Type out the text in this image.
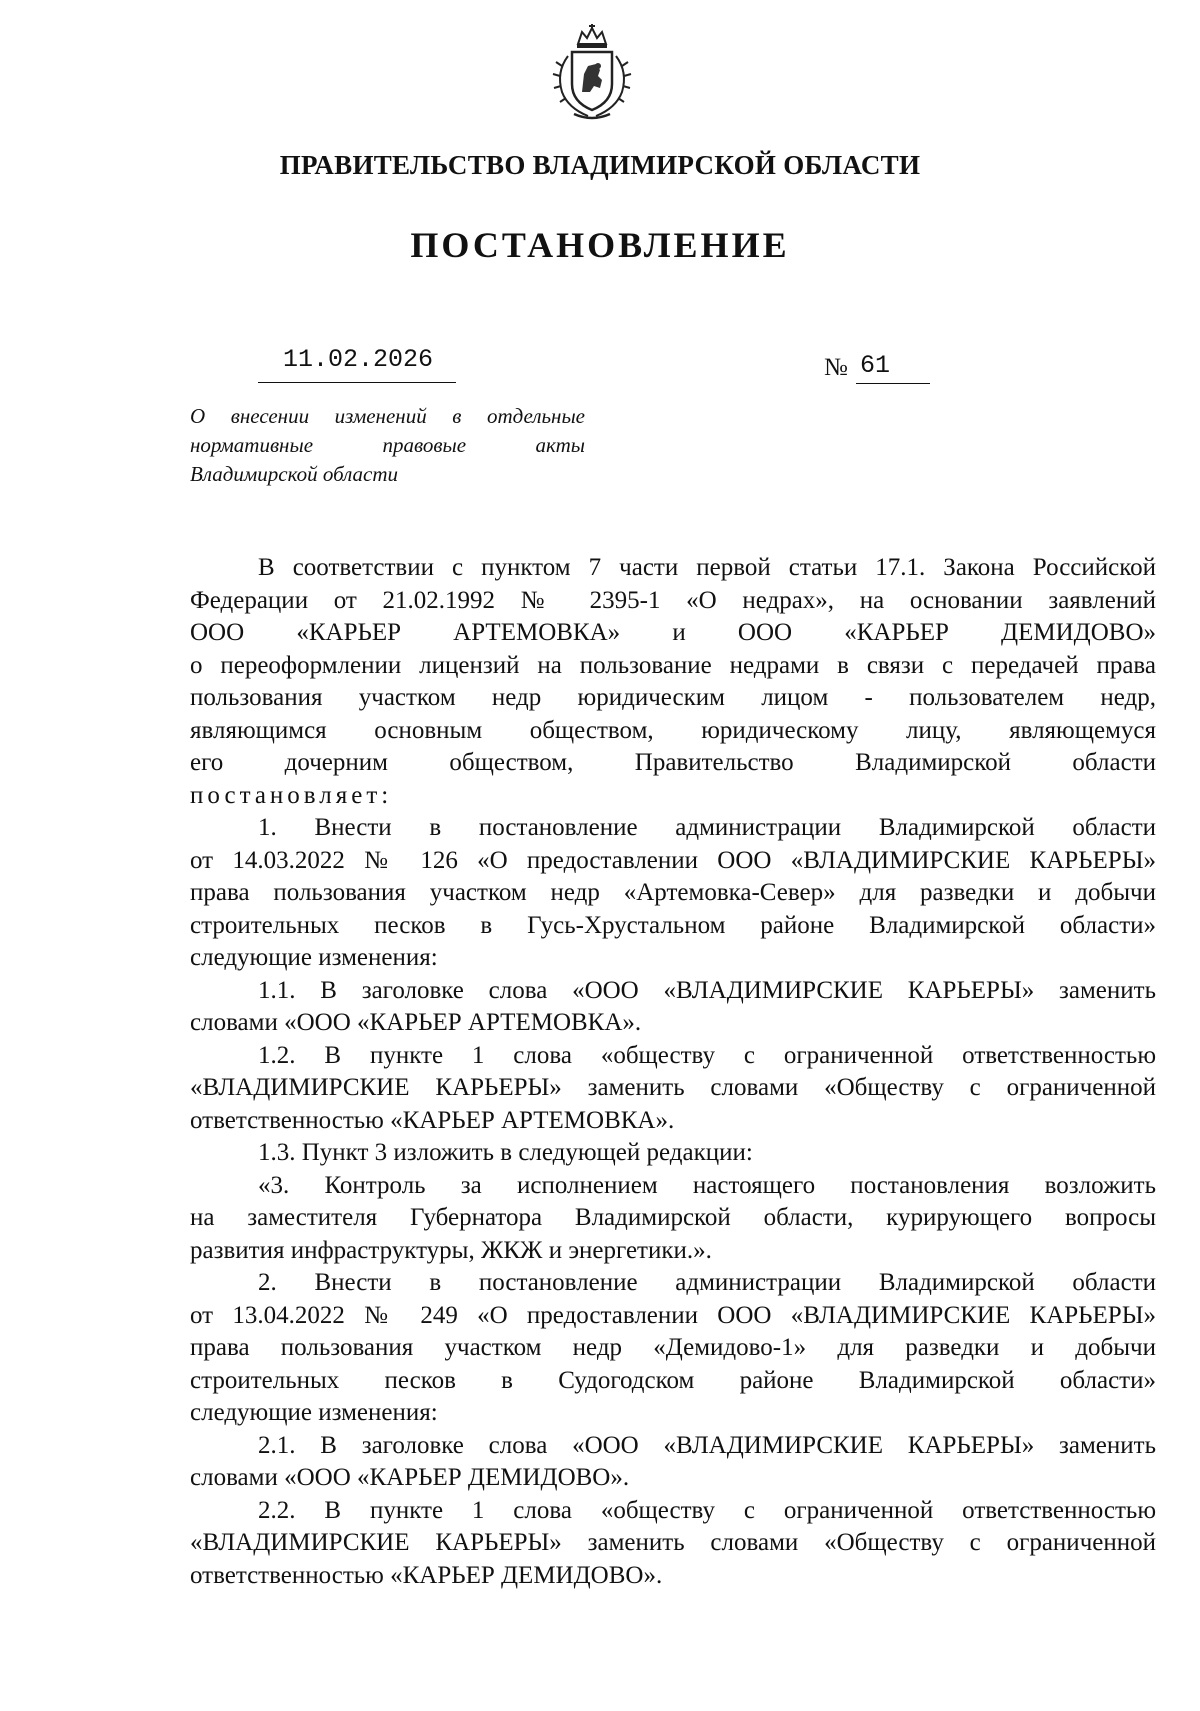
ПРАВИТЕЛЬСТВО ВЛАДИМИРСКОЙ ОБЛАСТИ
ПОСТАНОВЛЕНИЕ
11.02.2026	№ 61
О внесении изменений в отдельные
нормативные правовые акты
Владимирской области
В соответствии с пунктом 7 части первой статьи 17.1. Закона Российской
Федерации от 21.02.1992 № 2395-1 «О недрах», на основании заявлений
ООО «КАРЬЕР АРТЕМОВКА» и ООО «КАРЬЕР ДЕМИДОВО»
о переоформлении лицензий на пользование недрами в связи с передачей права
пользования участком недр юридическим лицом - пользователем недр,
являющимся основным обществом, юридическому лицу, являющемуся
его дочерним обществом, Правительство Владимирской области
постановляет:
1. Внести в постановление администрации Владимирской области
от 14.03.2022 № 126 «О предоставлении ООО «ВЛАДИМИРСКИЕ КАРЬЕРЫ»
права пользования участком недр «Артемовка-Север» для разведки и добычи
строительных песков в Гусь-Хрустальном районе Владимирской области»
следующие изменения:
1.1. В заголовке слова «ООО «ВЛАДИМИРСКИЕ КАРЬЕРЫ» заменить
словами «ООО «КАРЬЕР АРТЕМОВКА».
1.2. В пункте 1 слова «обществу с ограниченной ответственностью
«ВЛАДИМИРСКИЕ КАРЬЕРЫ» заменить словами «Обществу с ограниченной
ответственностью «КАРЬЕР АРТЕМОВКА».
1.3. Пункт 3 изложить в следующей редакции:
«3. Контроль за исполнением настоящего постановления возложить
на заместителя Губернатора Владимирской области, курирующего вопросы
развития инфраструктуры, ЖКЖ и энергетики.».
2. Внести в постановление администрации Владимирской области
от 13.04.2022 № 249 «О предоставлении ООО «ВЛАДИМИРСКИЕ КАРЬЕРЫ»
права пользования участком недр «Демидово-1» для разведки и добычи
строительных песков в Судогодском районе Владимирской области»
следующие изменения:
2.1. В заголовке слова «ООО «ВЛАДИМИРСКИЕ КАРЬЕРЫ» заменить
словами «ООО «КАРЬЕР ДЕМИДОВО».
2.2. В пункте 1 слова «обществу с ограниченной ответственностью
«ВЛАДИМИРСКИЕ КАРЬЕРЫ» заменить словами «Обществу с ограниченной
ответственностью «КАРЬЕР ДЕМИДОВО».
